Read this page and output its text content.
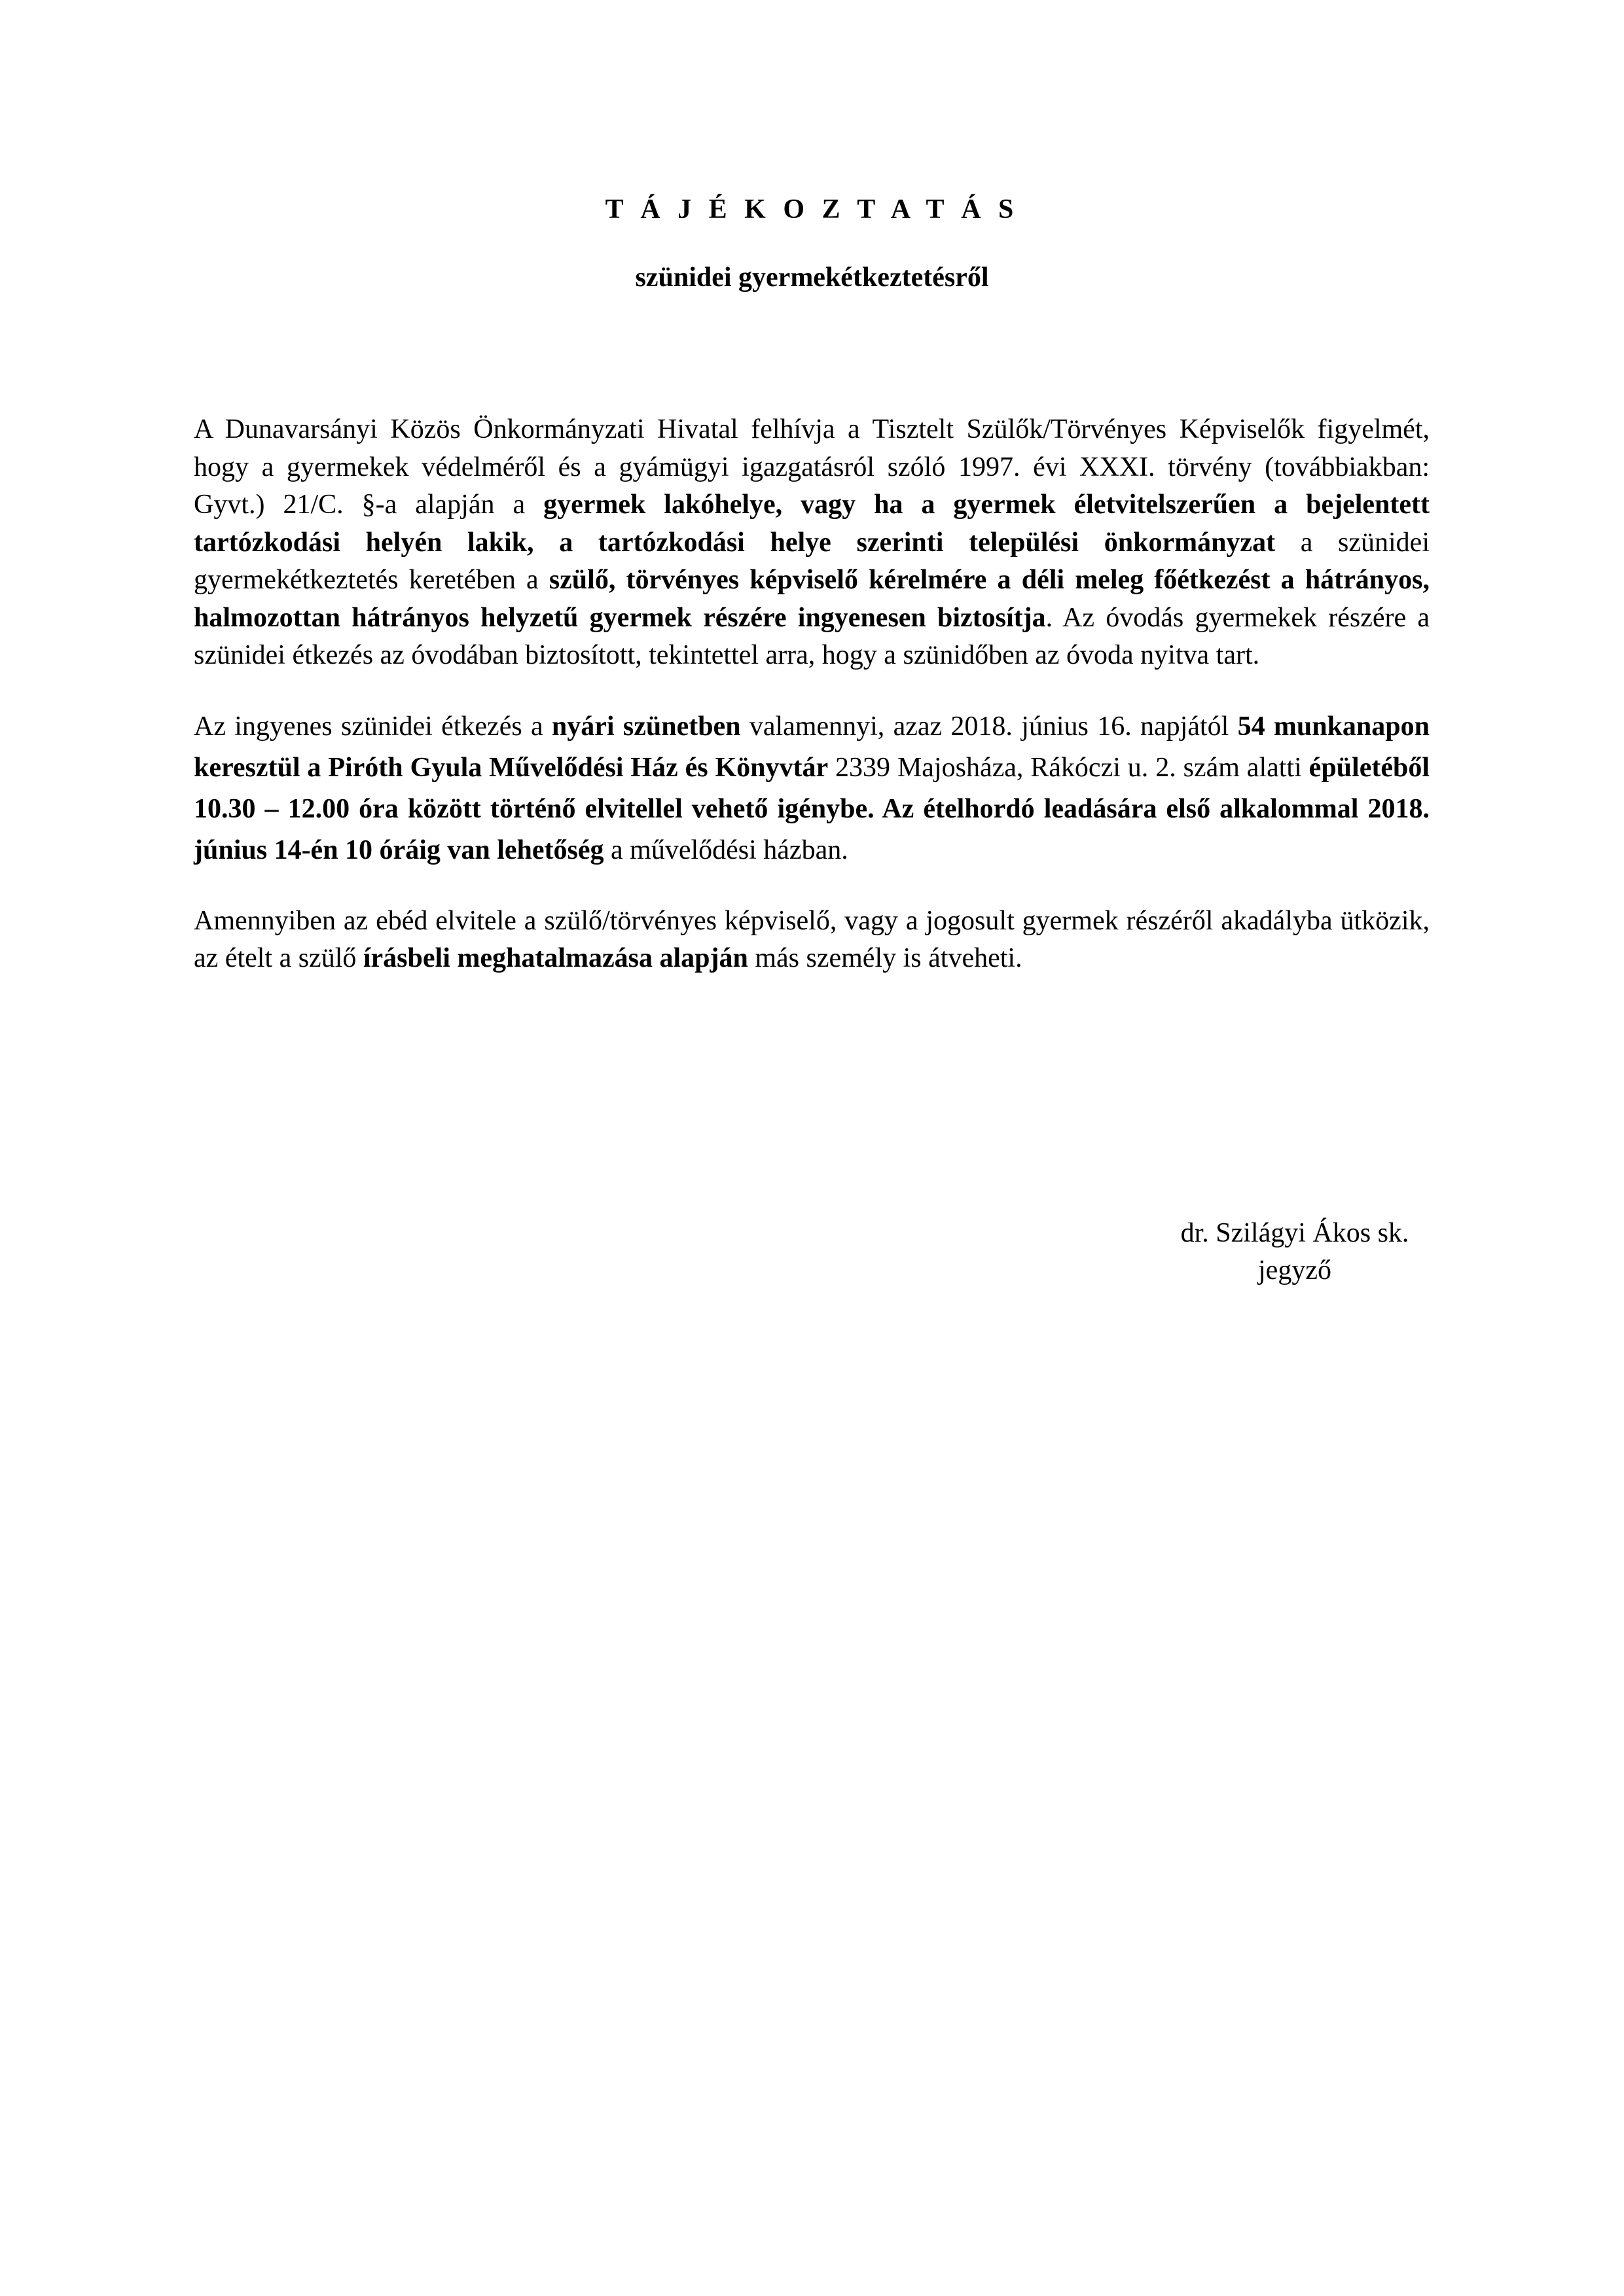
T Á J É K O Z T A T Á S
szünidei gyermekétkeztetésről

A Dunavarsányi Közös Önkormányzati Hivatal felhívja a Tisztelt Szülők/Törvényes Képviselők figyelmét, hogy a gyermekek védelméről és a gyámügyi igazgatásról szóló 1997. évi XXXI. törvény (továbbiakban: Gyvt.) 21/C. §-a alapján a gyermek lakóhelye, vagy ha a gyermek életvitelszerűen a bejelentett tartózkodási helyén lakik, a tartózkodási helye szerinti települési önkormányzat a szünidei gyermekétkeztetés keretében a szülő, törvényes képviselő kérelmére a déli meleg főétkezést a hátrányos, halmozottan hátrányos helyzetű gyermek részére ingyenesen biztosítja. Az óvodás gyermekek részére a szünidei étkezés az óvodában biztosított, tekintettel arra, hogy a szünidőben az óvoda nyitva tart.

Az ingyenes szünidei étkezés a nyári szünetben valamennyi, azaz 2018. június 16. napjától 54 munkanapon keresztül a Piróth Gyula Művelődési Ház és Könyvtár 2339 Majosháza, Rákóczi u. 2. szám alatti épületéből 10.30 – 12.00 óra között történő elvitellel vehető igénybe. Az ételhordó leadására első alkalommal 2018. június 14-én 10 óráig van lehetőség a művelődési házban.

Amennyiben az ebéd elvitele a szülő/törvényes képviselő, vagy a jogosult gyermek részéről akadályba ütközik, az ételt a szülő írásbeli meghatalmazása alapján más személy is átveheti.

dr. Szilágyi Ákos sk.
jegyző
